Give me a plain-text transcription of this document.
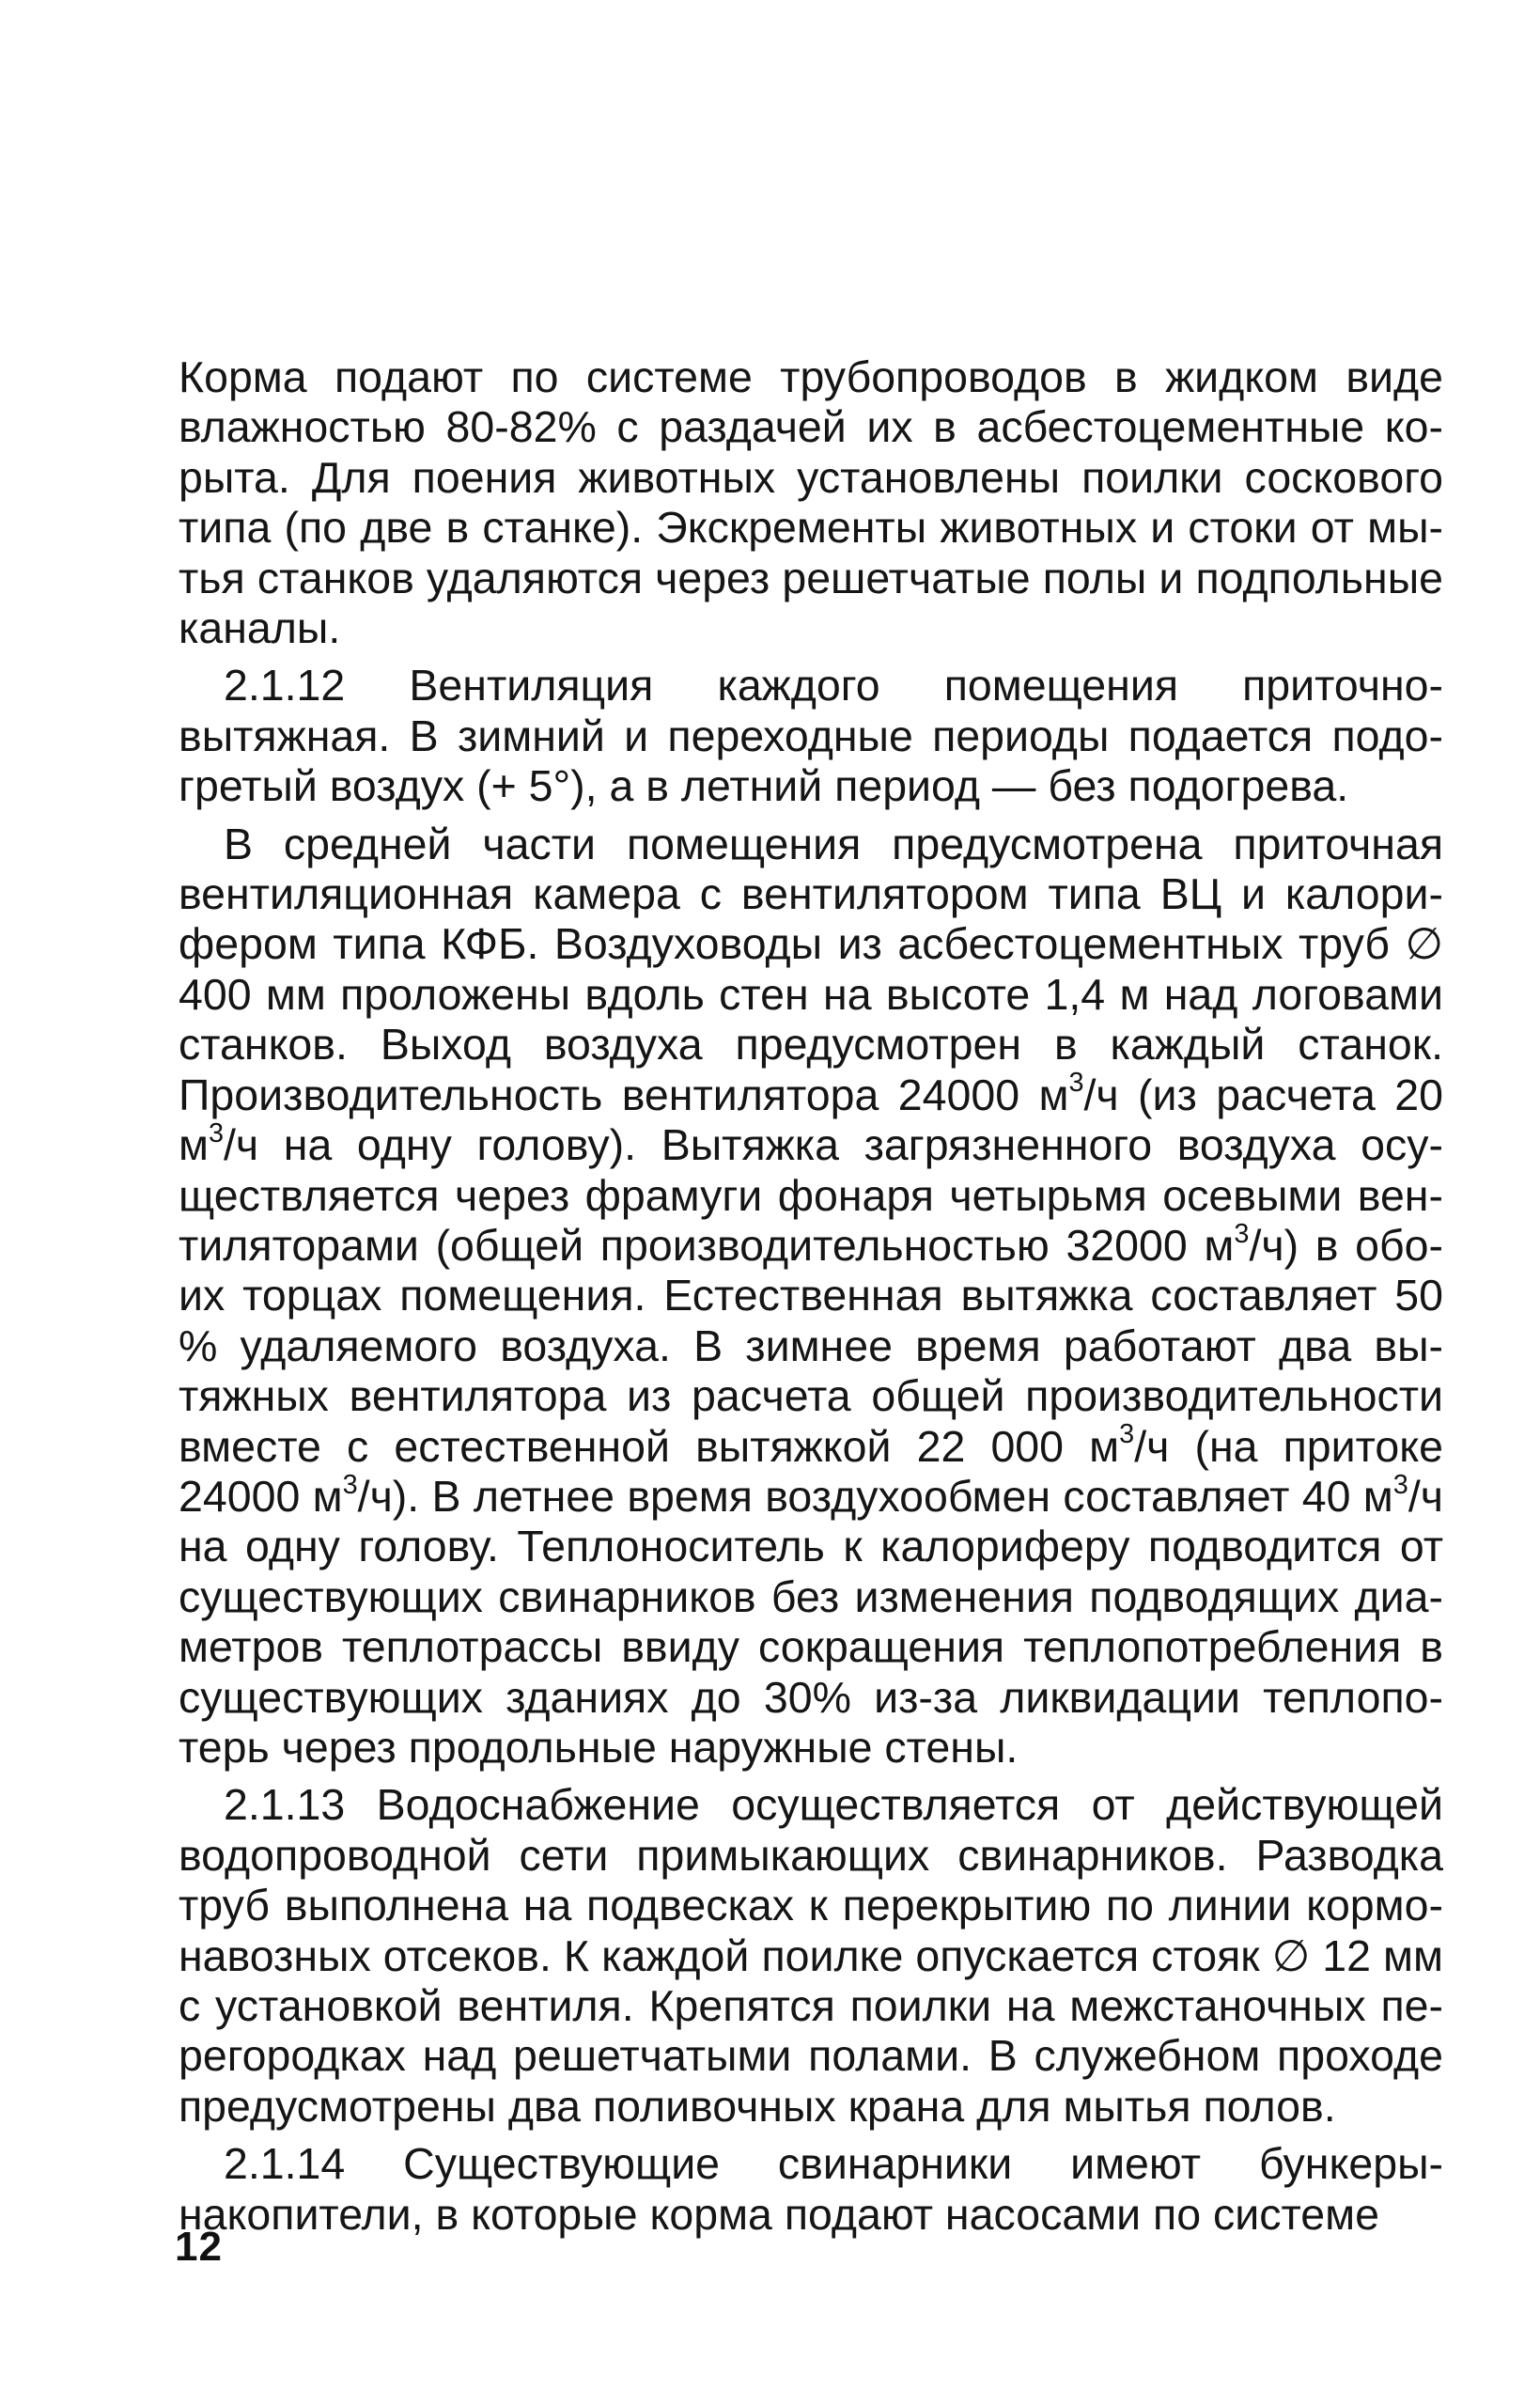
Корма подают по системе трубопроводов в жидком виде влажностью 80-82% с раздачей их в асбестоцементные корыта. Для поения животных установлены поилки соскового типа (по две в станке). Экскременты животных и стоки от мытья станков удаляются через решетчатые полы и подпольные каналы.

2.1.12 Вентиляция каждого помещения приточно-вытяжная. В зимний и переходные периоды подается подогретый воздух (+ 5°), а в летний период — без подогрева.

В средней части помещения предусмотрена приточная вентиляционная камера с вентилятором типа ВЦ и калорифером типа КФБ. Воздуховоды из асбестоцементных труб ∅ 400 мм проложены вдоль стен на высоте 1,4 м над логовами станков. Выход воздуха предусмотрен в каждый станок. Производительность вентилятора 24000 $м^3/ч$ (из расчета 20 $м^3/ч$ на одну голову). Вытяжка загрязненного воздуха осуществляется через фрамуги фонаря четырьмя осевыми вентиляторами (общей производительностью 32000 $м^3/ч$) в обоих торцах помещения. Естественная вытяжка составляет 50 % удаляемого воздуха. В зимнее время работают два вытяжных вентилятора из расчета общей производительности вместе с естественной вытяжкой 22 000 $м^3/ч$ (на притоке 24000 $м^3/ч$). В летнее время воздухообмен составляет 40 $м^3/ч$ на одну голову. Теплоноситель к калориферу подводится от существующих свинарников без изменения подводящих диаметров теплотрассы ввиду сокращения теплопотребления в существующих зданиях до 30% из-за ликвидации теплопотерь через продольные наружные стены.

2.1.13 Водоснабжение осуществляется от действующей водопроводной сети примыкающих свинарников. Разводка труб выполнена на подвесках к перекрытию по линии кормонавозных отсеков. К каждой поилке опускается стояк ∅ 12 мм с установкой вентиля. Крепятся поилки на межстаночных перегородках над решетчатыми полами. В служебном проходе предусмотрены два поливочных крана для мытья полов.

2.1.14 Существующие свинарники имеют бункеры-накопители, в которые корма подают насосами по системе

12
